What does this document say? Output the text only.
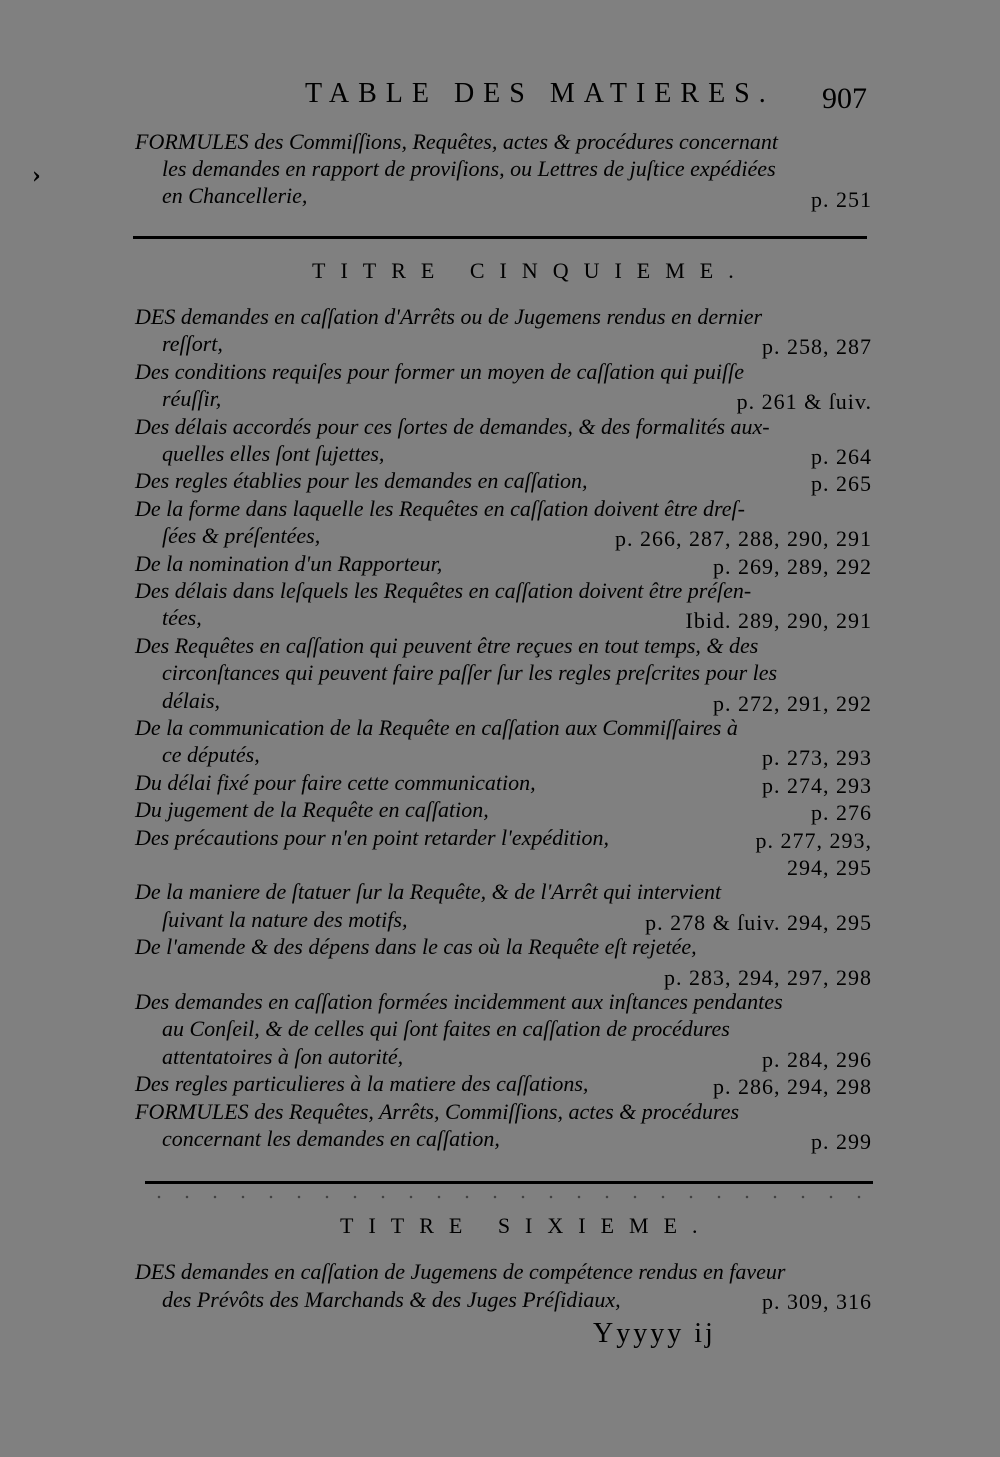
TABLE DES MATIERES. 907
›
FORMULES des Commiſſions, Requêtes, actes & procédures concernant
les demandes en rapport de proviſions, ou Lettres de juſtice expédiées
en Chancellerie,	p. 251
TITRE CINQUIEME.
DES demandes en caſſation d'Arrêts ou de Jugemens rendus en dernier
reſſort,	p. 258, 287
Des conditions requiſes pour former un moyen de caſſation qui puiſſe
réuſſir,	p. 261 & ſuiv.
Des délais accordés pour ces ſortes de demandes, & des formalités aux-
quelles elles ſont ſujettes,	p. 264
Des regles établies pour les demandes en caſſation,	p. 265
De la forme dans laquelle les Requêtes en caſſation doivent être dreſ-
ſées & préſentées,	p. 266, 287, 288, 290, 291
De la nomination d'un Rapporteur,	p. 269, 289, 292
Des délais dans leſquels les Requêtes en caſſation doivent être préſen-
tées,	Ibid. 289, 290, 291
Des Requêtes en caſſation qui peuvent être reçues en tout temps, & des
circonſtances qui peuvent faire paſſer ſur les regles preſcrites pour les
délais,	p. 272, 291, 292
De la communication de la Requête en caſſation aux Commiſſaires à
ce députés,	p. 273, 293
Du délai fixé pour faire cette communication,	p. 274, 293
Du jugement de la Requête en caſſation,	p. 276
Des précautions pour n'en point retarder l'expédition,	p. 277, 293,
294, 295
De la maniere de ſtatuer ſur la Requête, & de l'Arrêt qui intervient
ſuivant la nature des motifs,	p. 278 & ſuiv. 294, 295
De l'amende & des dépens dans le cas où la Requête eſt rejetée,
p. 283, 294, 297, 298
Des demandes en caſſation formées incidemment aux inſtances pendantes
au Conſeil, & de celles qui ſont faites en caſſation de procédures
attentatoires à ſon autorité,	p. 284, 296
Des regles particulieres à la matiere des caſſations,	p. 286, 294, 298
FORMULES des Requêtes, Arrêts, Commiſſions, actes & procédures
concernant les demandes en caſſation,	p. 299
TITRE SIXIEME.
DES demandes en caſſation de Jugemens de compétence rendus en faveur
des Prévôts des Marchands & des Juges Préſidiaux,	p. 309, 316
Yyyyy ij
